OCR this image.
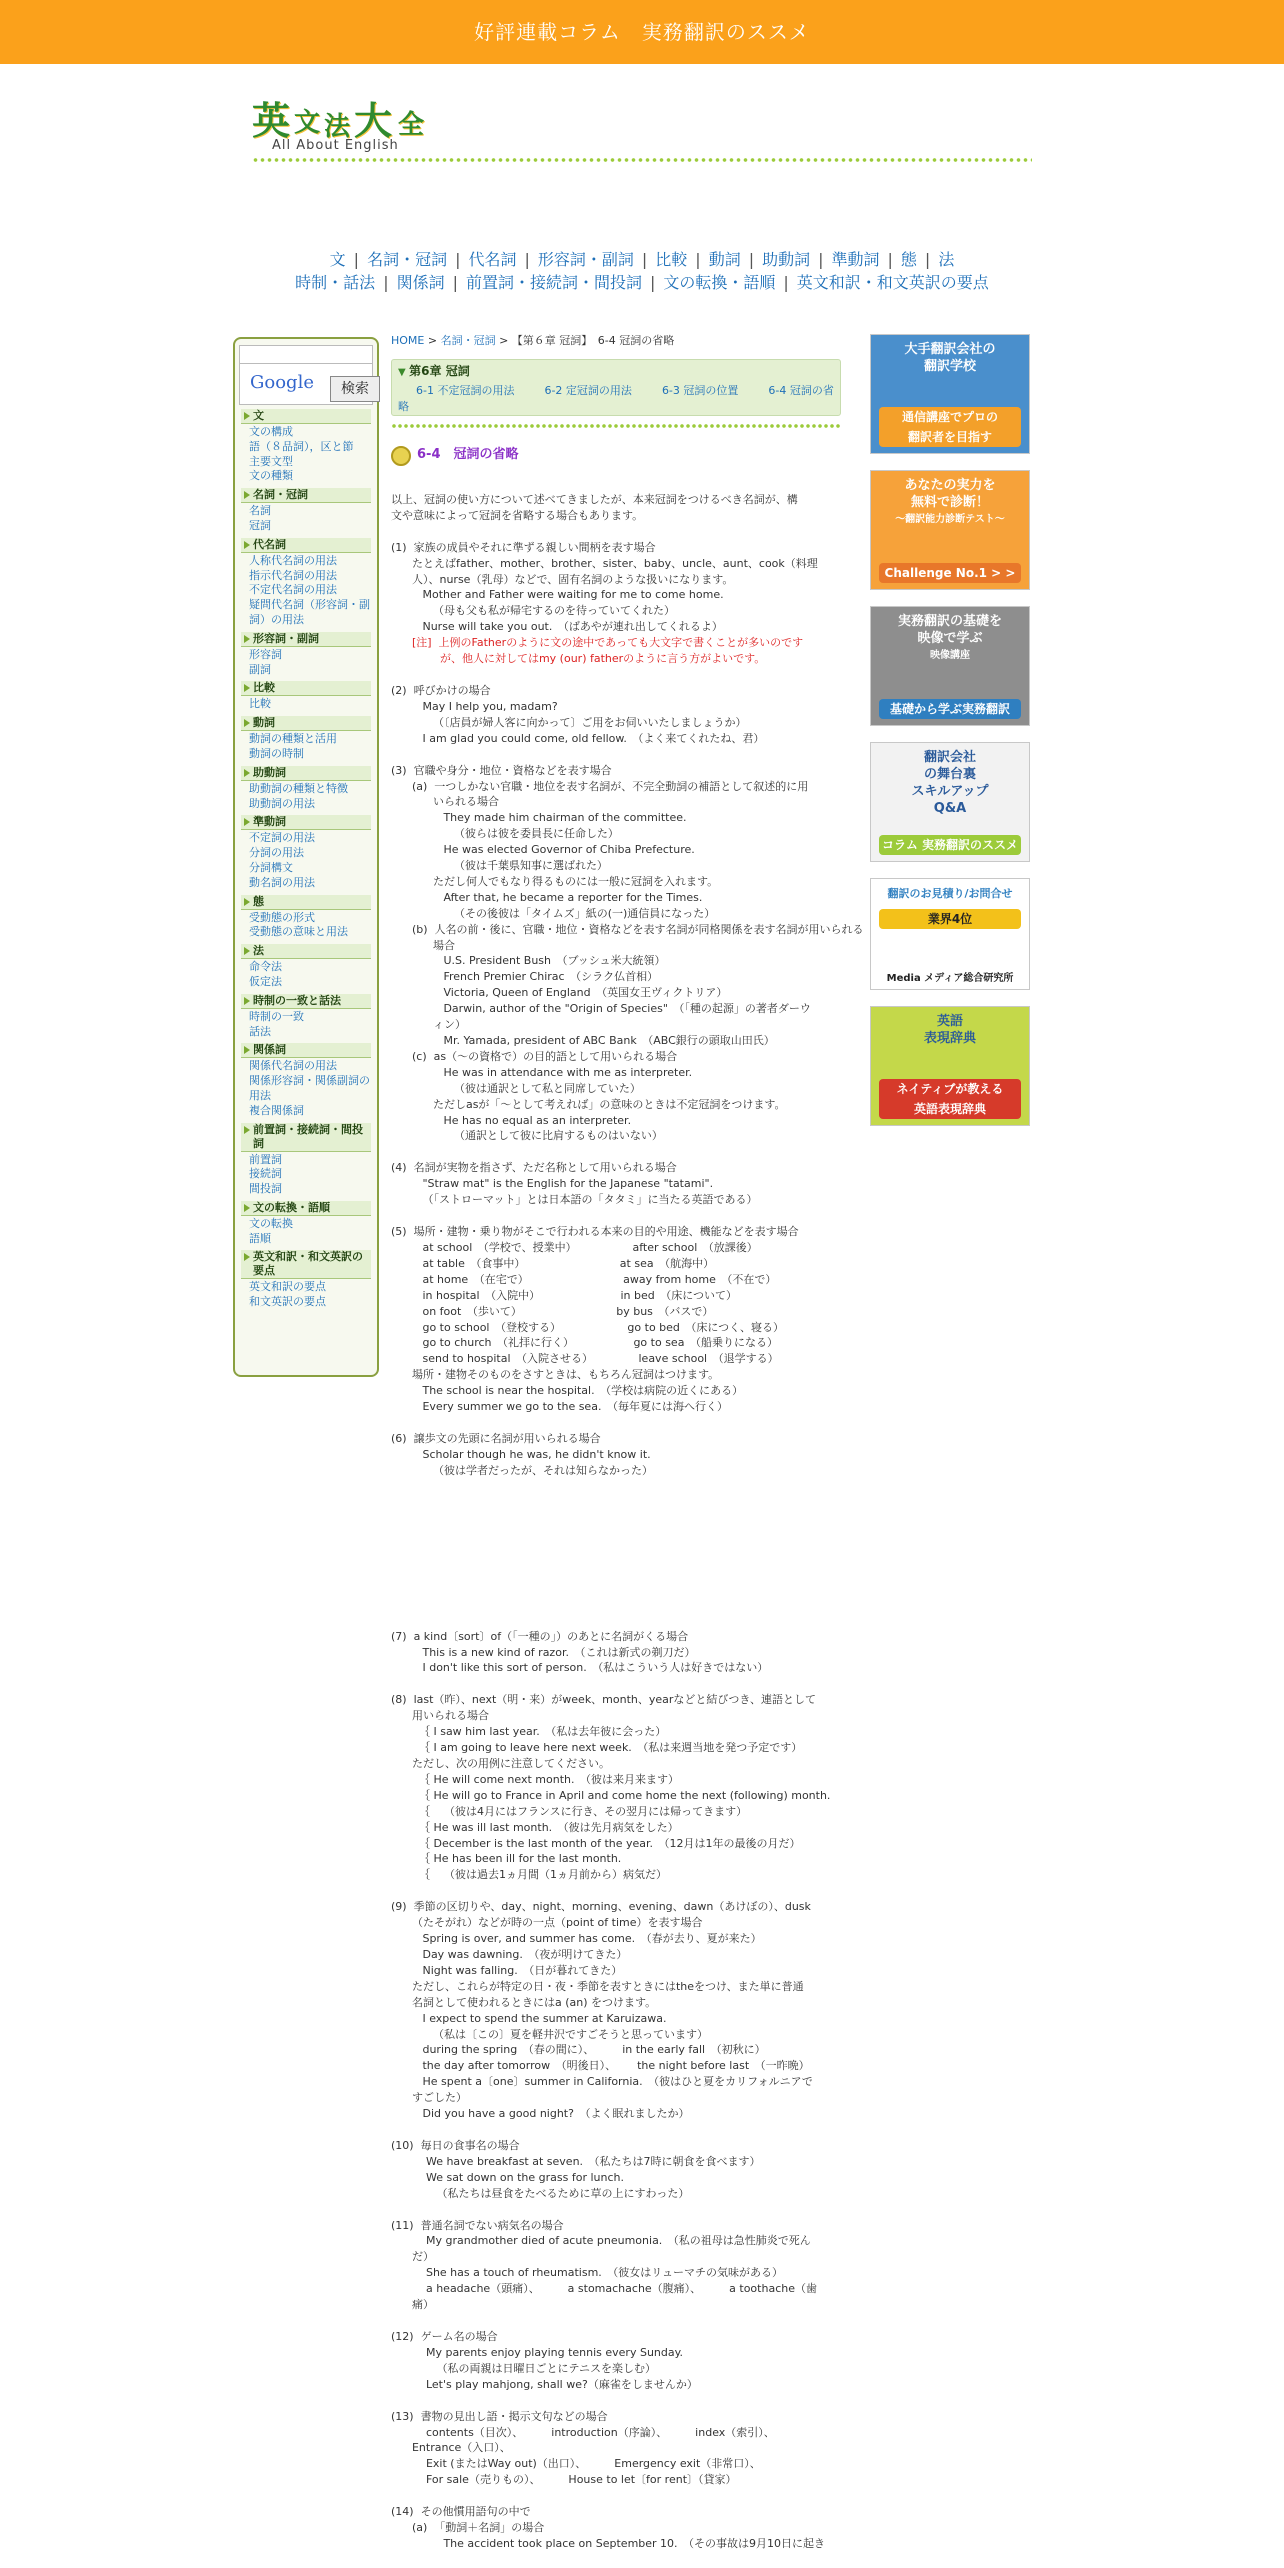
好評連載コラム　実務翻訳のススメ
英 文 法 大 全
All About English
文 | 名詞・冠詞 | 代名詞 | 形容詞・副詞 | 比較 | 動詞 | 助動詞 | 準動詞 | 態 | 法
時制・話法 | 関係詞 | 前置詞・接続詞・間投詞 | 文の転換・語順 | 英文和訳・和文英訳の要点
Google	検索
文
文の構成
語（８品詞），区と節
主要文型
文の種類
名詞・冠詞
名詞
冠詞
代名詞
人称代名詞の用法
指示代名詞の用法
不定代名詞の用法
疑問代名詞（形容詞・副詞）の用法
形容詞・副詞
形容詞
副詞
比較
比較
動詞
動詞の種類と活用
動詞の時制
助動詞
助動詞の種類と特徴
助動詞の用法
準動詞
不定詞の用法
分詞の用法
分詞構文
動名詞の用法
態
受動態の形式
受動態の意味と用法
法
命令法
仮定法
時制の一致と話法
時制の一致
話法
関係詞
関係代名詞の用法
関係形容詞・関係副詞の用法
複合関係詞
前置詞・接続詞・間投詞
前置詞
接続詞
間投詞
文の転換・語順
文の転換
語順
英文和訳・和文英訳の要点
英文和訳の要点
和文英訳の要点
HOME > 名詞・冠詞 > 【第６章 冠詞】　6-4 冠詞の省略
▼ 第6章 冠詞
6-1 不定冠詞の用法	6-2 定冠詞の用法	6-3 冠詞の位置	6-4 冠詞の省略
6-4　冠詞の省略
以上、冠詞の使い方について述べてきましたが、本来冠詞をつけるべき名詞が、構
文や意味によって冠詞を省略する場合もあります。
(1)  家族の成員やそれに準ずる親しい間柄を表す場合
たとえばfather、mother、brother、sister、baby、uncle、aunt、cook（料理
人）、nurse（乳母）などで、固有名詞のような扱いになります。
Mother and Father were waiting for me to come home.
（母も父も私が帰宅するのを待っていてくれた）
Nurse will take you out.　（ばあやが連れ出してくれるよ）
[注]  上例のFatherのように文の途中であっても大文字で書くことが多いのです
が、他人に対してはmy (our) fatherのように言う方がよいです。
(2)  呼びかけの場合
May I help you, madam?
（〔店員が婦人客に向かって〕ご用をお伺いいたしましょうか）
I am glad you could come, old fellow.　（よく来てくれたね、君）
(3)  官職や身分・地位・資格などを表す場合
(a)  一つしかない官職・地位を表す名詞が、不完全動詞の補語として叙述的に用
いられる場合
They made him chairman of the committee.
（彼らは彼を委員長に任命した）
He was elected Governor of Chiba Prefecture.
（彼は千葉県知事に選ばれた）
ただし何人でもなり得るものには一般に冠詞を入れます。
After that, he became a reporter for the Times.
（その後彼は「タイムズ」紙の(一)通信員になった）
(b)  人名の前・後に、官職・地位・資格などを表す名詞が同格関係を表す名詞が用いられる
場合
U.S. President Bush　（ブッシュ米大統領）
French Premier Chirac　（シラク仏首相）
Victoria, Queen of England　（英国女王ヴィクトリア）
Darwin, author of the "Origin of Species"　（「種の起源」の著者ダーウ
ィン）
Mr. Yamada, president of ABC Bank　（ABC銀行の頭取山田氏）
(c)  as（～の資格で）の目的語として用いられる場合
He was in attendance with me as interpreter.
（彼は通訳として私と同席していた）
ただしasが「～として考えれば」の意味のときは不定冠詞をつけます。
He has no equal as an interpreter.
（通訳として彼に比肩するものはいない）
(4)  名詞が実物を指さず、ただ名称として用いられる場合
"Straw mat" is the English for the Japanese "tatami".
（「ストローマット」とは日本語の「タタミ」に当たる英語である）
(5)  場所・建物・乗り物がそこで行われる本来の目的や用途、機能などを表す場合
at school　（学校で、授業中）                after school　（放課後）
at table　（食事中）                           at sea　（航海中）
at home　（在宅で）                           away from home　（不在で）
in hospital　（入院中）                       in bed　（床について）
on foot　（歩いて）                           by bus　（バスで）
go to school　（登校する）                   go to bed　（床につく、寝る）
go to church　（礼拝に行く）                 go to sea　（船乗りになる）
send to hospital　（入院させる）             leave school　（退学する）
場所・建物そのものをさすときは、もちろん冠詞はつけます。
The school is near the hospital.　（学校は病院の近くにある）
Every summer we go to the sea.　（毎年夏には海へ行く）
(6)  譲歩文の先頭に名詞が用いられる場合
Scholar though he was, he didn't know it.
（彼は学者だったが、それは知らなかった）
(7)  a kind〔sort〕of（「一種の」）のあとに名詞がくる場合
This is a new kind of razor.　（これは新式の剃刀だ）
I don't like this sort of person.　（私はこういう人は好きではない）
(8)  last（昨）、next（明・来）がweek、month、yearなどと結びつき、連語として
用いられる場合
｛ I saw him last year.　（私は去年彼に会った）
｛ I am going to leave here next week.　（私は来週当地を発つ予定です）
ただし、次の用例に注意してください。
｛ He will come next month.　（彼は来月来ます）
｛ He will go to France in April and come home the next (following) month.
｛    （彼は4月にはフランスに行き、その翌月には帰ってきます）
｛ He was ill last month.　（彼は先月病気をした）
｛ December is the last month of the year.　（12月は1年の最後の月だ）
｛ He has been ill for the last month.
｛    （彼は過去1ヵ月間（1ヵ月前から）病気だ）
(9)  季節の区切りや、day、night、morning、evening、dawn（あけぼの）、dusk
（たそがれ）などが時の一点（point of time）を表す場合
Spring is over, and summer has come.　（春が去り、夏が来た）
Day was dawning.　（夜が明けてきた）
Night was falling.　（日が暮れてきた）
ただし、これらが特定の日・夜・季節を表すときにはtheをつけ、また単に普通
名詞として使われるときにはa (an) をつけます。
I expect to spend the summer at Karuizawa.
（私は〔この〕夏を軽井沢ですごそうと思っています）
during the spring　（春の間に）、        in the early fall　（初秋に）
the day after tomorrow　（明後日）、      the night before last　（一昨晩）
He spent a〔one〕summer in California.　（彼はひと夏をカリフォルニアで
すごした）
Did you have a good night?　（よく眠れましたか）
(10)  毎日の食事名の場合
We have breakfast at seven.　（私たちは7時に朝食を食べます）
We sat down on the grass for lunch.
（私たちは昼食をたべるために草の上にすわった）
(11)  普通名詞でない病気名の場合
My grandmother died of acute pneumonia.　（私の祖母は急性肺炎で死ん
だ）
She has a touch of rheumatism.　（彼女はリューマチの気味がある）
a headache（頭痛）、        a stomachache（腹痛）、        a toothache（歯
痛）
(12)  ゲーム名の場合
My parents enjoy playing tennis every Sunday.
（私の両親は日曜日ごとにテニスを楽しむ）
Let's play mahjong, shall we?（麻雀をしませんか）
(13)  書物の見出し語・掲示文句などの場合
contents（目次）、        introduction（序論）、        index（索引）、
Entrance（入口）、
Exit (またはWay out)（出口）、        Emergency exit（非常口）、
For sale（売りもの）、        House to let〔for rent〕（貸家）
(14)  その他慣用語句の中で
(a)  「動詞＋名詞」の場合
The accident took place on September 10.　（その事故は9月10日に起き
大手翻訳会社の
翻訳学校
通信講座でプロの
翻訳者を目指す
あなたの実力を
無料で診断！
〜翻訳能力診断テスト〜
Challenge No.1 > >
実務翻訳の基礎を
映像で学ぶ
映像講座
基礎から学ぶ実務翻訳
翻訳会社
の舞台裏
スキルアップ
Q&A
コラム 実務翻訳のススメ
翻訳のお見積り/お問合せ
Media メディア総合研究所
業界4位
英語
表現辞典
ネイティブが教える
英語表現辞典
